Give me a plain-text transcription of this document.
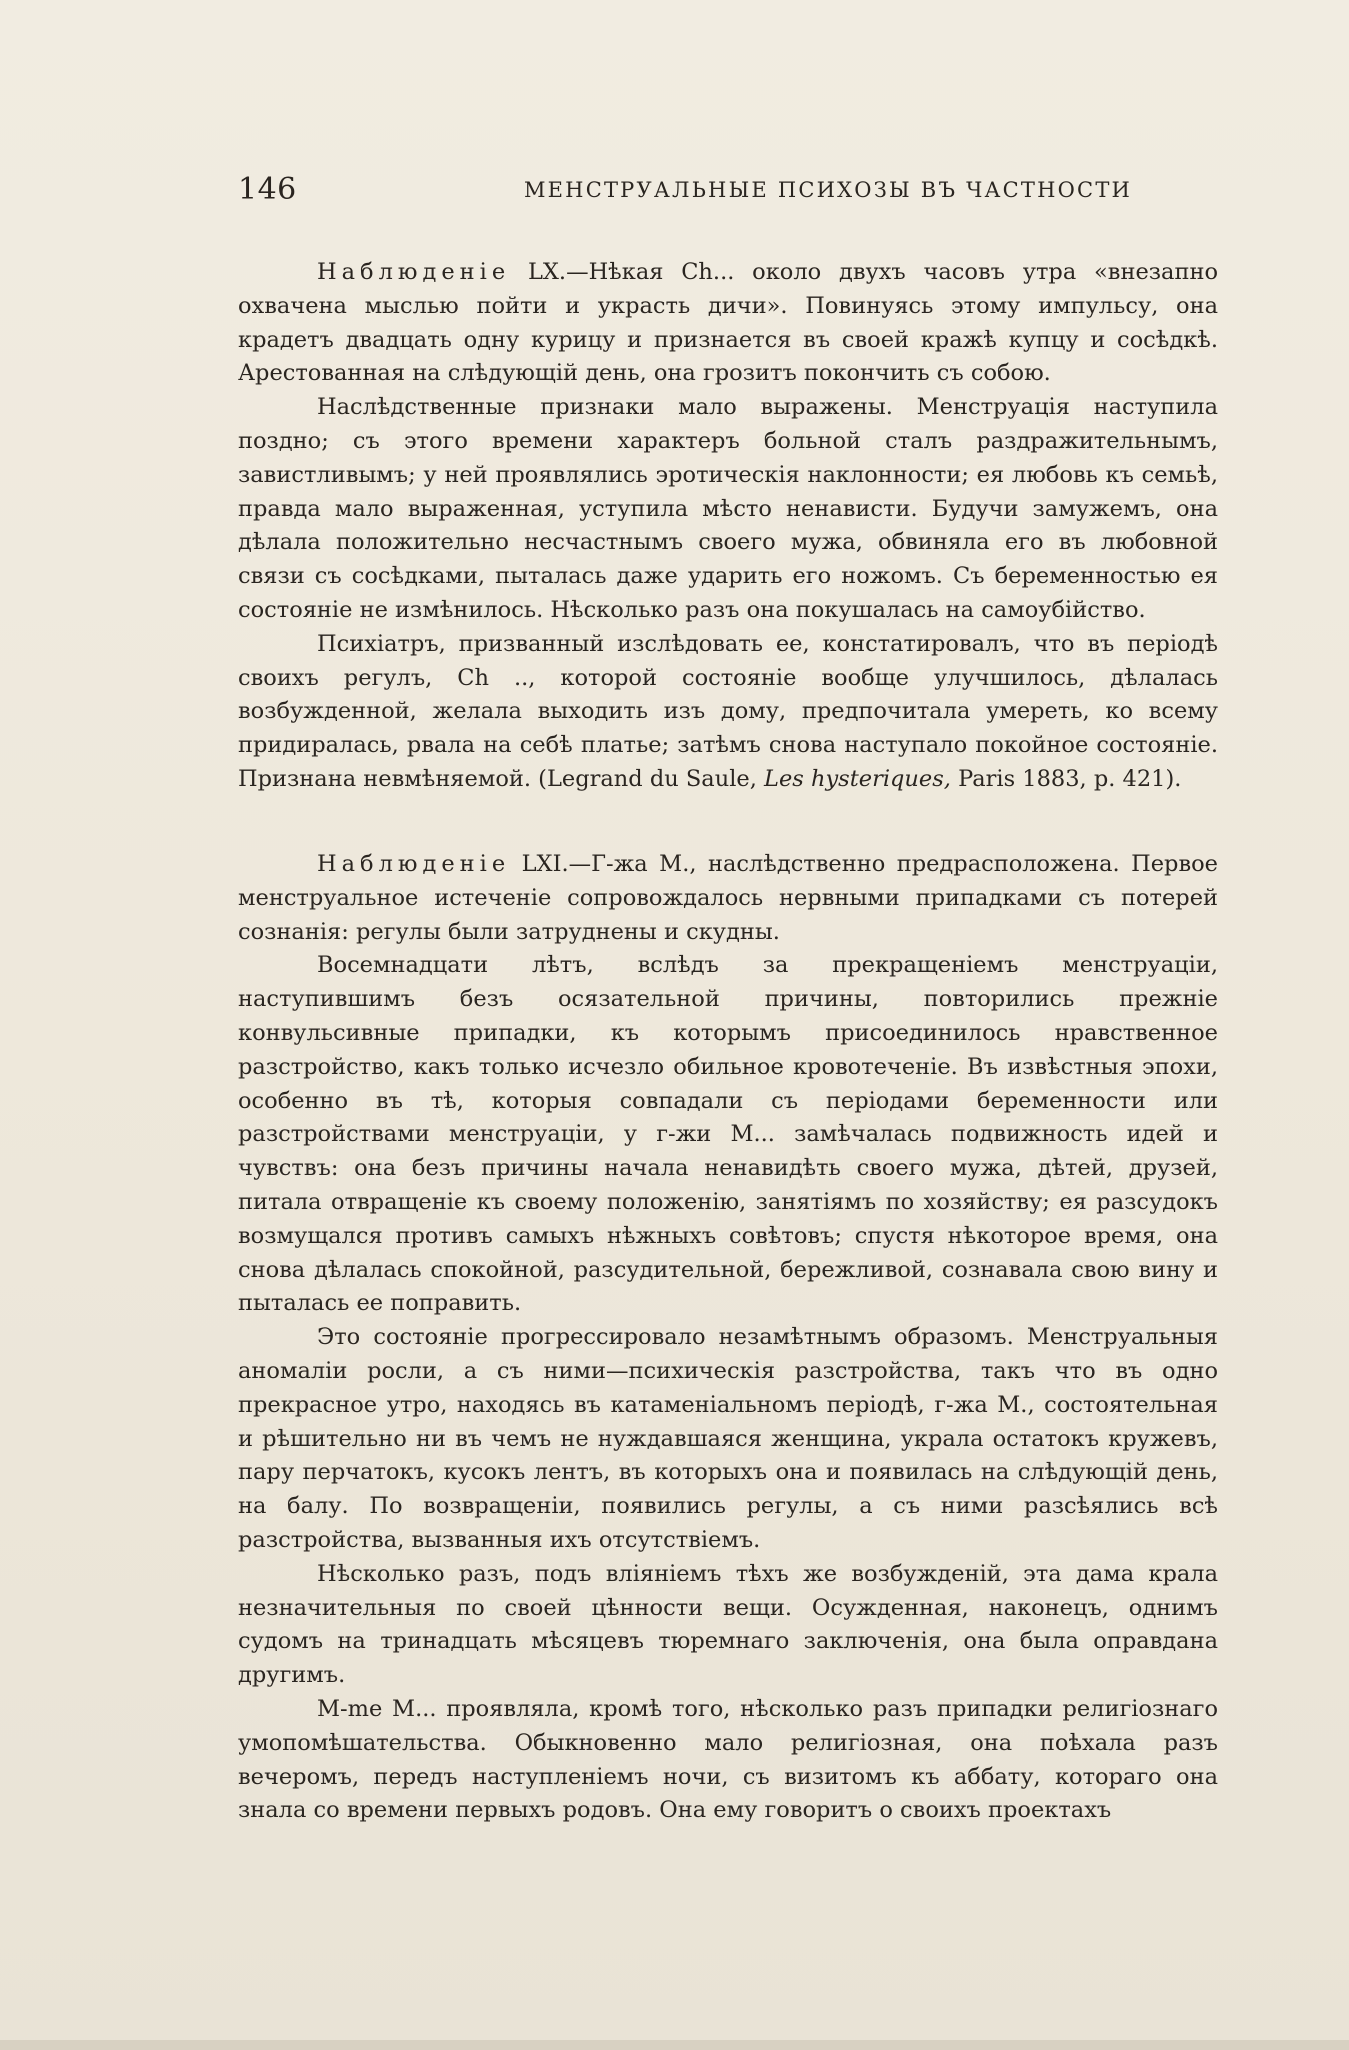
146	МЕНСТРУАЛЬНЫЕ ПСИХОЗЫ ВЪ ЧАСТНОСТИ

Наблюденіе LX.—Нѣкая Ch... около двухъ часовъ утра «внезапно охвачена мыслью пойти и украсть дичи». Повинуясь этому импульсу, она крадетъ двадцать одну курицу и признается въ своей кражѣ купцу и сосѣдкѣ. Арестованная на слѣдующій день, она грозитъ покончить съ собою.

Наслѣдственные признаки мало выражены. Менструація наступила поздно; съ этого времени характеръ больной сталъ раздражительнымъ, завистливымъ; у ней проявлялись эротическія наклонности; ея любовь къ семьѣ, правда мало выраженная, уступила мѣсто ненависти. Будучи замужемъ, она дѣлала положительно несчастнымъ своего мужа, обвиняла его въ любовной связи съ сосѣдками, пыталась даже ударить его ножомъ. Съ беременностью ея состояніе не измѣнилось. Нѣсколько разъ она покушалась на самоубійство.

Психіатръ, призванный изслѣдовать ее, констатировалъ, что въ періодѣ своихъ регулъ, Ch .., которой состояніе вообще улучшилось, дѣлалась возбужденной, желала выходить изъ дому, предпочитала умереть, ко всему придиралась, рвала на себѣ платье; затѣмъ снова наступало покойное состояніе. Признана невмѣняемой. (Legrand du Saule, Les hysteriques, Paris 1883, p. 421).

Наблюденіе LXI.—Г-жа М., наслѣдственно предрасположена. Первое менструальное истеченіе сопровождалось нервными припадками съ потерей сознанія: регулы были затруднены и скудны.

Восемнадцати лѣтъ, вслѣдъ за прекращеніемъ менструаціи, наступившимъ безъ осязательной причины, повторились прежніе конвульсивные припадки, къ которымъ присоединилось нравственное разстройство, какъ только исчезло обильное кровотеченіе. Въ извѣстныя эпохи, особенно въ тѣ, которыя совпадали съ періодами беременности или разстройствами менструаціи, у г-жи М... замѣчалась подвижность идей и чувствъ: она безъ причины начала ненавидѣть своего мужа, дѣтей, друзей, питала отвращеніе къ своему положенію, занятіямъ по хозяйству; ея разсудокъ возмущался противъ самыхъ нѣжныхъ совѣтовъ; спустя нѣкоторое время, она снова дѣлалась спокойной, разсудительной, бережливой, сознавала свою вину и пыталась ее поправить.

Это состояніе прогрессировало незамѣтнымъ образомъ. Менструальныя аномаліи росли, а съ ними—психическія разстройства, такъ что въ одно прекрасное утро, находясь въ катаменіальномъ періодѣ, г-жа М., состоятельная и рѣшительно ни въ чемъ не нуждавшаяся женщина, украла остатокъ кружевъ, пару перчатокъ, кусокъ лентъ, въ которыхъ она и появилась на слѣдующій день, на балу. По возвращеніи, появились регулы, а съ ними разсѣялись всѣ разстройства, вызванныя ихъ отсутствіемъ.

Нѣсколько разъ, подъ вліяніемъ тѣхъ же возбужденій, эта дама крала незначительныя по своей цѣнности вещи. Осужденная, наконецъ, однимъ судомъ на тринадцать мѣсяцевъ тюремнаго заключенія, она была оправдана другимъ.

M-me M... проявляла, кромѣ того, нѣсколько разъ припадки религіознаго умопомѣшательства. Обыкновенно мало религіозная, она поѣхала разъ вечеромъ, передъ наступленіемъ ночи, съ визитомъ къ аббату, котораго она знала со времени первыхъ родовъ. Она ему говоритъ о своихъ проектахъ
